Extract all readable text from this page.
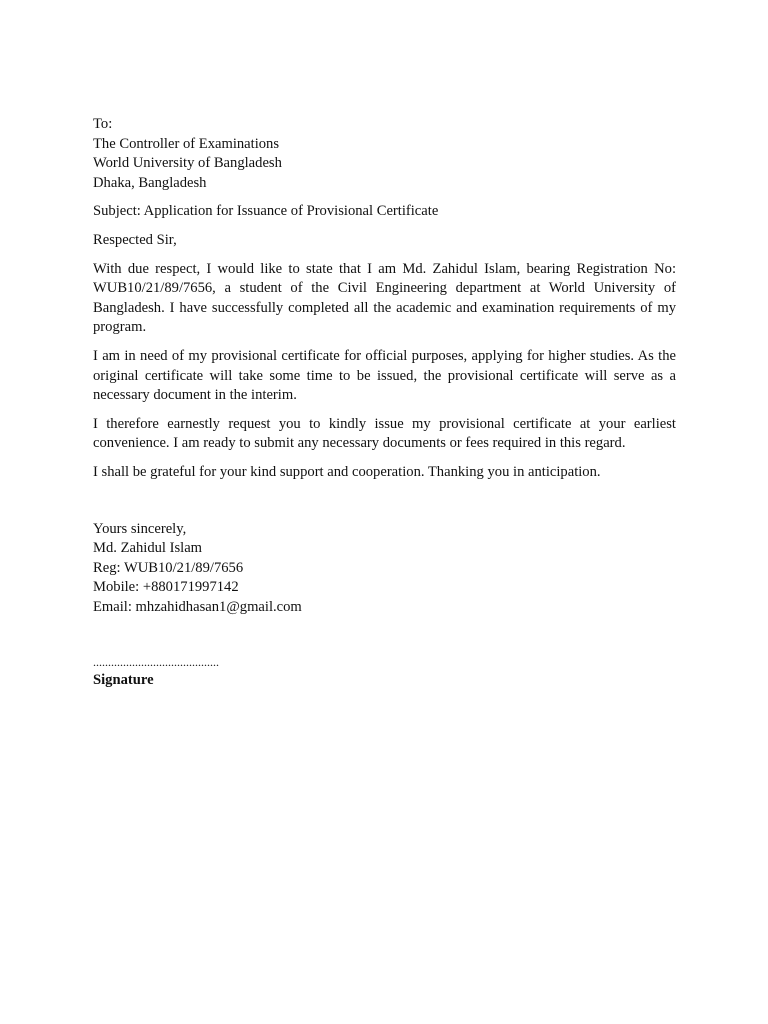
To:
The Controller of Examinations
World University of Bangladesh
Dhaka, Bangladesh
Subject: Application for Issuance of Provisional Certificate
Respected Sir,

With due respect, I would like to state that I am Md. Zahidul Islam, bearing Registration No: WUB10/21/89/7656, a student of the Civil Engineering department at World University of Bangladesh. I have successfully completed all the academic and examination requirements of my program.

I am in need of my provisional certificate for official purposes, applying for higher studies. As the original certificate will take some time to be issued, the provisional certificate will serve as a necessary document in the interim.

I therefore earnestly request you to kindly issue my provisional certificate at your earliest convenience. I am ready to submit any necessary documents or fees required in this regard.

I shall be grateful for your kind support and cooperation. Thanking you in anticipation.

Yours sincerely,
Md. Zahidul Islam
Reg: WUB10/21/89/7656
Mobile: +880171997142
Email: mhzahidhasan1@gmail.com
..........................................
Signature
